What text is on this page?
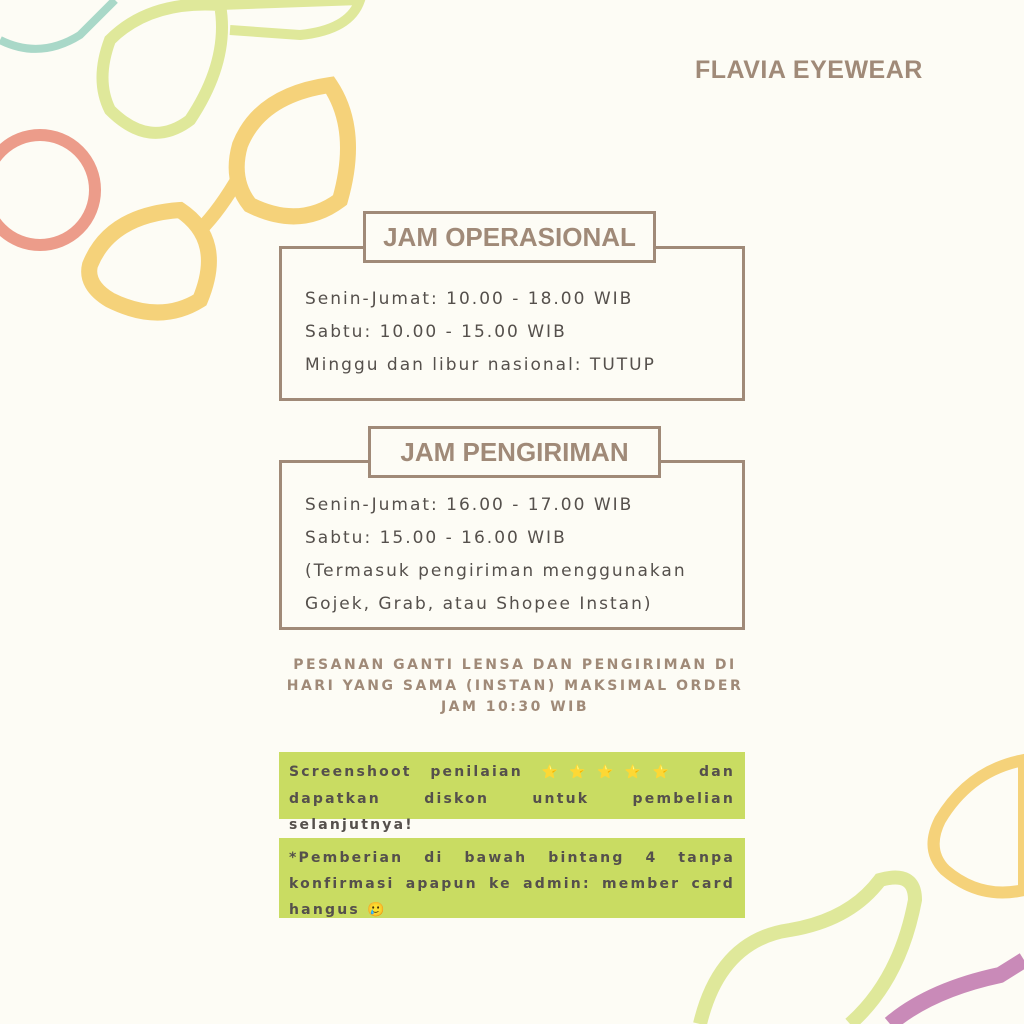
FLAVIA EYEWEAR
Senin-Jumat: 10.00 - 18.00 WIB
Sabtu: 10.00 - 15.00 WIB
Minggu dan libur nasional: TUTUP
JAM OPERASIONAL
Senin-Jumat: 16.00 - 17.00 WIB
Sabtu: 15.00 - 16.00 WIB
(Termasuk pengiriman menggunakan
Gojek, Grab, atau Shopee Instan)
JAM PENGIRIMAN
PESANAN GANTI LENSA DAN PENGIRIMAN DI HARI YANG SAMA (INSTAN) MAKSIMAL ORDER JAM 10:30 WIB
Screenshoot penilaian ⭐⭐⭐⭐⭐ dan dapatkan diskon untuk pembelian selanjutnya!
*Pemberian di bawah bintang 4 tanpa konfirmasi apapun ke admin: member card hangus 🥲
